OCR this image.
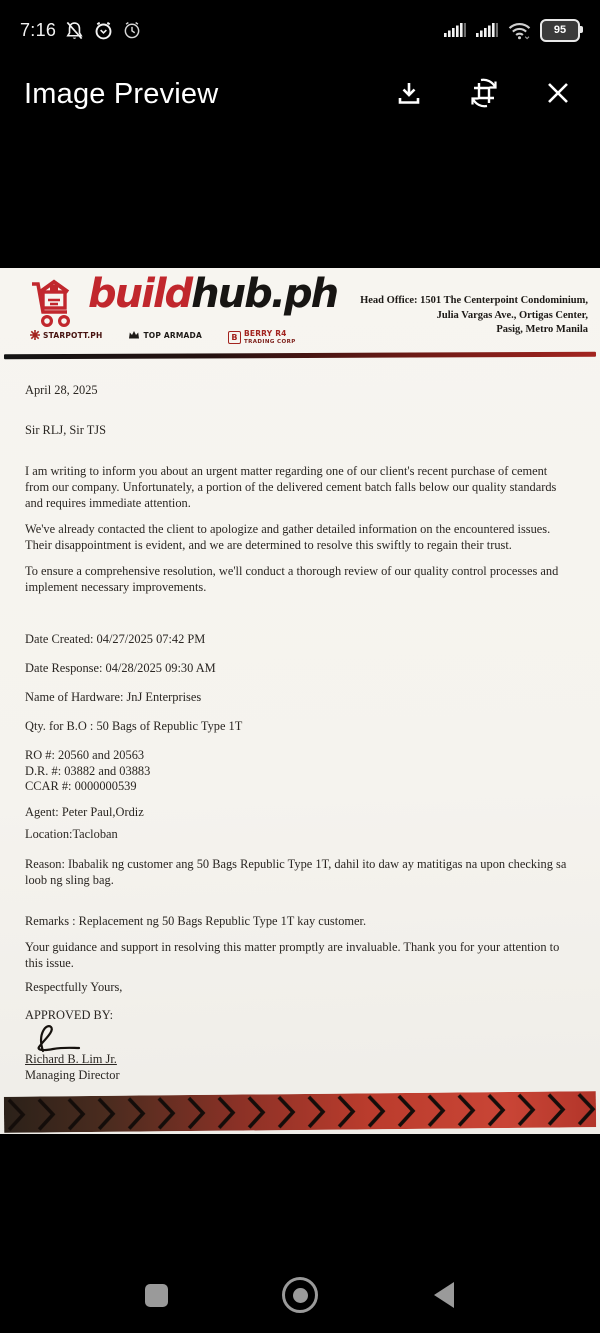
7:16	95
Image Preview
buildhub.ph
STARPOTT.PH	TOP ARMADA	B BERRY R4
TRADING CORP
Head Office: 1501 The Centerpoint Condominium,
Julia Vargas Ave., Ortigas Center,
Pasig, Metro Manila

April 28, 2025

Sir RLJ, Sir TJS

I am writing to inform you about an urgent matter regarding one of our client's recent purchase of cement from our company. Unfortunately, a portion of the delivered cement batch falls below our quality standards and requires immediate attention.

We've already contacted the client to apologize and gather detailed information on the encountered issues. Their disappointment is evident, and we are determined to resolve this swiftly to regain their trust.

To ensure a comprehensive resolution, we'll conduct a thorough review of our quality control processes and implement necessary improvements.

Date Created: 04/27/2025 07:42 PM

Date Response: 04/28/2025 09:30 AM

Name of Hardware: JnJ Enterprises

Qty. for B.O : 50 Bags of Republic Type 1T

RO #: 20560 and 20563
D.R. #: 03882 and 03883
CCAR #: 0000000539

Agent: Peter Paul,Ordiz

Location:Tacloban

Reason: Ibabalik ng customer ang 50 Bags Republic Type 1T, dahil ito daw ay matitigas na upon checking sa loob ng sling bag.

Remarks : Replacement ng 50 Bags Republic Type 1T kay customer.

Your guidance and support in resolving this matter promptly are invaluable. Thank you for your attention to this issue.

Respectfully Yours,

APPROVED BY:

Richard B. Lim Jr.

Managing Director
